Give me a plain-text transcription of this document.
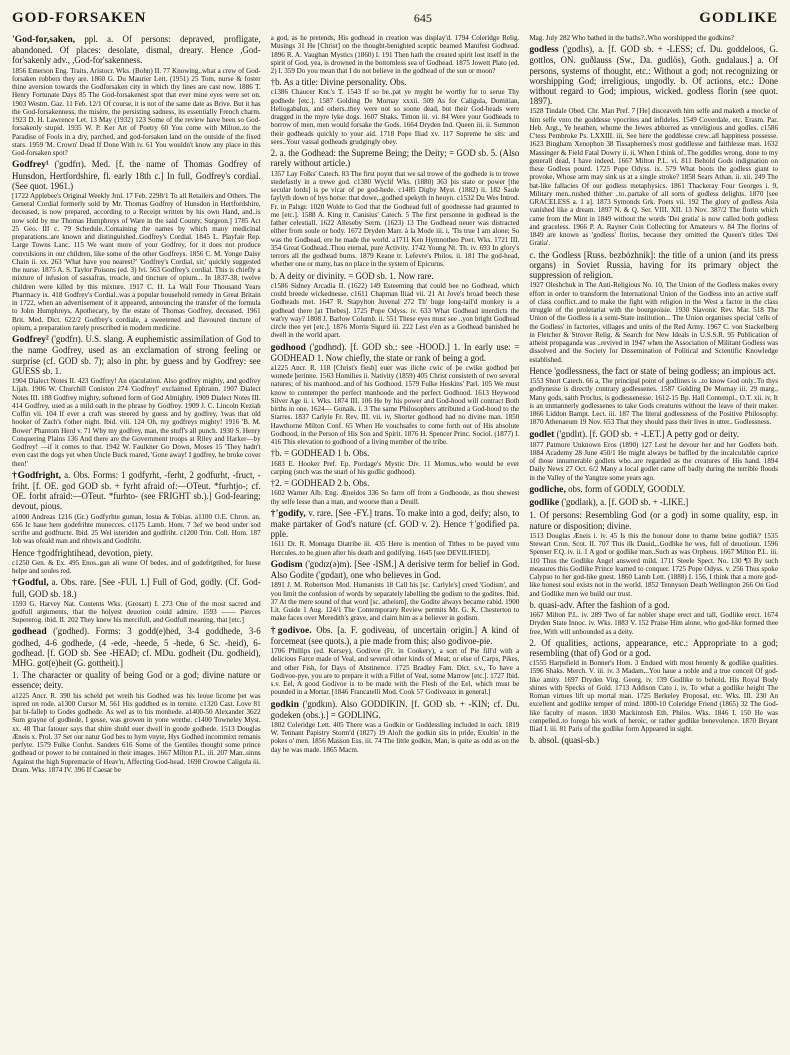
GOD-FORSAKEN	645	GODLIKE

'God-for,saken, ppl. a. Of persons: depraved, profligate, abandoned. Of places: desolate, dismal, dreary. Hence ,God-for'sakenly adv., ,God-for'sakenness.

1856 Emerson Eng. Traits, Aristocr. Wks. (Bohn) II. 77 Knowing..what a crew of God-forsaken robbers they are. 1860 G. Du Maurier Lett. (1951) 25 Tom, nurse & foster thine aversion towards the Godforsaken city in which thy lines are cast now. 1886 T. Henry Fortunate Days 85 The God-forsakenest spot that ever mine eyes were set on. 1903 Westm. Gaz. 11 Feb. 12/1 Of course, it is not of the same date as Brive. But it has the God-forsakenness, the misère, the persisting sadness, its essentially French charm. 1923 D. H. Lawrence Let. 13 May (1932) 123 Some of the review have been so God-forsakenly stupid. 1935 W. P. Ker Art of Poetry 60 You come with Milton..to the Paradise of Fools in a dry, parched, and god-forsaken land on the outside of the fixed stars. 1959 'M. Crown' Dead If Done With iv. 61 You wouldn't know any place in this God-forsaken spot?

Godfrey¹ ('gɒdfrɪ). Med. [f. the name of Thomas Godfrey of Hunsdon, Hertfordshire, fl. early 18th c.] In full, Godfrey's cordial. (See quot. 1961.)

[1722 Applebee's Original Weekly Jrnl. 17 Feb. 2298/1 To all Retailers and Others. The General Cordial formerly sold by Mr. Thomas Godfrey of Hunsdon in Hertfordshire, deceased, is now prepared, according to a Receipt written by his own Hand, and..is now sold by me Thomas Humphreys of Ware in the said County, Surgeon.] 1785 Act 25 Geo. III c. 79 Schedule..Containing the names by which many medicinal preparations..are known and distinguished..Godfrey's Cordial. 1845 L. Playfair Rep. Large Towns Lanc. 115 We want more of your Godfrey, for it does not produce convulsions in our children, like some of the other Godfreys. 1856 C. M. Yonge Daisy Chain ii. xx. 263 'What have you nearest?' 'Godfrey's Cordial, sir,' quickly suggested the nurse. 1875 A. S. Taylor Poisons (ed. 3) lvi. 563 Godfrey's cordial. This is chiefly a mixture of infusion of sassafras, treacle, and tincture of opium... In 1837-38, twelve children were killed by this mixture. 1917 C. H. La Wall Four Thousand Years Pharmacy ix. 418 Godfrey's Cordial..was a popular household remedy in Great Britain in 1722, when an advertisement of it appeared, announcing the transfer of the formula to John Humphreys, Apothecary, by the estate of Thomas Godfrey, deceased. 1961 Brit. Med. Dict. 622/2 Godfrey's cordiale, a sweetened and flavoured tincture of opium, a preparation rarely prescribed in modern medicine.

Godfrey² ('gɒdfrɪ). U.S. slang. A euphemistic assimilation of God to the name Godfrey, used as an exclamation of strong feeling or surprise (cf. GOD sb. 7); also in phr. by guess and by Godfrey: see GUESS sb. 1.

1904 Dialect Notes II. 423 Godfrey! An ejaculation. Also godfrey mighty, and godfrey Lijah. 1906 W. Churchill Coniston 274 'Godfrey!' exclaimed Ephraim. 1907 Dialect Notes III. 188 Godfrey mighty, softened form of God Almighty. 1909 Dialect Notes III. 414 Godfrey, used as a mild oath in the phrase by Godfrey. 1909 J. C. Lincoln Keziah Coffin vii. 104 If ever a craft was steered by guess and by godfrey, 'twas that old hooker of Zach's t'other night. Ibid. viii. 124 Oh, my godfreys mighty! 1916 'B. M. Bower' Phantom Herd v. 71 Why my godfrey, man, the stuff's all punch. 1930 S. Henry Conquering Plains 136 And there are the Government troops at Riley and Harker—by Godfrey! —if it comes to that. 1942 W. Faulkner Go Down, Moses 15 'They hadn't even cast the dogs yet when Uncle Buck roared, 'Gone away! I godfrey, he broke cover then!'

†Godfright, a. Obs. Forms: 1 godfyrht, -ferht, 2 godfurht, -fruct, -friht. [f. OE. god GOD sb. + fyrht afraid of:—OTeut. *furhtjo-; cf. OE. forht afraid:—OTeut. *furhto- (see FRIGHT sb.).] God-fearing; devout, pious.

a1000 Andreas 1216 (Gr.) Godfyrhte guman, Iosua & Tobias. a1100 O.E. Chron. an. 656 Ic haue here godefrihte munecces. c1175 Lamb. Hom. 7 3ef we beod under sod scrifte and godfructe. Ibid. 25 Wel isteriden and godfriht. c1200 Trin. Coll. Hom. 187 Iob was ofeald man and rihtwis and Godfriht.

Hence †godfrightihead, devotion, piety.

c1250 Gen. & Ex. 495 Enos..gan ali wune Of bedes, and of godefrigtihed, for Iuese helpe and soules red.

†Godful, a. Obs. rare. [See -FUL 1.] Full of God, godly. (Cf. God-full, GOD sb. 18.)

1593 G. Harvey Nat. Contents Wks. (Grosart) I. 273 One of the most sacred and godfull arguments, that the holyest deuotion could admire. 1593 —— Pierces Supererog. ibid. II. 202 They knew his mercifull, and Godfull meaning, that [etc.]

godhead ('gɒdhed). Forms: 3 godd(e)hed, 3-4 goddhede, 3-6 godhed, 4-6 godhede, (4 -ede, -heede, 5 -hede, 6 Sc. -heid), 6- godhead. [f. GOD sb. See -HEAD; cf. MDu. godheit (Du. godheid), MHG. got(e)heit (G. gottheit).]

1. The character or quality of being God or a god; divine nature or essence; deity.

a1225 Ancr. R. 390 his scheld pet wreih his Godhed was his leoue licome þet was ispred on rode. a1300 Cursor M. 561 His goddhed es in ternite. c1320 Cast. Love 81 þat bi-falleþ to Godes godhede. As wel as to his monhede. a1400-50 Alexander 3622 Sum grayne of godhede, I gesse, was growen in yone wrethe. c1400 Towneley Myst. xx. 48 That fatouer says that shire shuld euer dwell in goode godhede. 1513 Douglas Æneis x. Prol. 37 Set our natur God hes to hym vnyte, Hys Godhed incommixt remanis perfyte. 1579 Fulke Confut. Sanders 616 Some of the Gentiles thought some prince godhead or power to be contained in their images. 1667 Milton P.L. iii. 207 Man..sinns Against the high Supremacie of Heav'n, Affecting God-head. 1698 Crowne Caligula iii. Dram. Wks. 1874 IV. 396 If Caesar be

a god, as he pretends, His godhead in creation was display'd. 1794 Coleridge Relig. Musings 31 He [Christ] on the thought-benighted sceptic beamed Manifest Godhead. 1896 R. A. Vaughan Mystics (1860) I. 191 Then hath the created spirit lost itself in the spirit of God, yea, is drowned in the bottomless sea of Godhead. 1875 Jowett Plato (ed. 2) I. 359 Do you mean that I do not believe in the godhead of the sun or moon?

†b. As a title: Divine personality. Obs.

c1386 Chaucer Knt.'s T. 1543 If so be..pat ye myght be worthy for to serue Thy godhede [etc.]. 1587 Golding De Mornay xxxii. 509 As for Caligula, Domitian, Heliogabalus, and others..they were not so soone dead, but their God-heads were dragged in the myre lyke dogs. 1607 Shaks. Timon iii. vi. 84 Were your Godheads to borrow of men, men would forsake the Gods. 1664 Dryden Ind. Queen iii. ii. Summon their godheads quickly to your aid. 1718 Pope Iliad xv. 117 Supreme he sits: and sees..Your vassal godheads grudgingly obey.

2. a. the Godhead: the Supreme Being; the Deity; = GOD sb. 5. (Also rarely without article.)

1357 Lay Folks' Catech. 83 The first poynt that we sal trowe of the godhede is to trowe stedefastly in a trewe god. c1380 Wyclif Wks. (1880) 363 þis state or power [the secular lords] is pe vicar of pe god-hede. c1485 Digby Myst. (1882) ii. 182 Saule faylyth down of hys horse: that dowe,..godhed spekyth in heuyn. c1532 Du Wes Introd. Fr. in Palsgr. 1020 Wolde to God that the Godhead full of goodnesse had graunted to me [etc.]. 1588 A. King tr. Canisius' Catech. 5 The first personne in godhead is the father celestiall. 1622 Alleseby Serm. (1623) 13 The Godhead neuer was distracted either from soule or body. 1672 Dryden Marr. à la Mode iii. i, 'Tis true I am alone; So was the Godhead, ere he made the world. a1711 Ken Hymnotheo Poet. Wks. 1721 III. 354 Great Godhead..Thou eternal, pure Activity. 1742 Young Nt. Th. iv. 693 In glory's terrors all the godhead burns. 1879 Keane tr. Lefevre's Philos. ii. 181 The god-head, whether one or many, has no place in the system of Epicurus.

b. A deity or divinity. = GOD sb. 1. Now rare.

c1586 Sidney Arcadia II. (1622) 149 Esteeming that could bee no Godhead, which could breede wickednesse. c1611 Chapman Iliad vii. 21 At Jove's broad beech these Godheads met. 1647 R. Stapylton Juvenal 272 Th' huge long-tail'd monkey is a godhead there [at Thebes]. 1725 Pope Odyss. iv. 633 What Godhead interdicts the wat'ry way? 1808 J. Barlow Columb. ii. 551 These eyes must see ..yon bright Godhead circle thee yet [etc.]. 1876 Morris Sigurd iii. 222 Lest e'en as a Godhead banished he dwell in the world apart.

godhood ('gɒdhʊd). [f. GOD sb.: see -HOOD.] 1. In early use: = GODHEAD 1. Now chiefly, the state or rank of being a god.

a1225 Ancr. R. 118 [Christ's flesh] euer was iliche cwic of þe cwike godhod þet wunede þerinne. 1563 Homilies ii. Nativity (1859) 405 Christ consisteth of two several natures; of his manhood..and of his Godhood. 1579 Fulke Heskins' Parl. 105 We must know to contemper the perfect manhoode and the perfect Godhood. 1613 Heywood Silver Age ii. i. Wks. 1874 III. 106 He by his power and God-hood will contract Both births in one. 1624— Gunaik. i. 3 The same Philosophers attributed a God-hood to the Starres. 1837 Carlyle Fr. Rev. III. vii. iv, Shorter godhood had no divine man. 1850 Hawthorne Milton Conf. 65 When He vouchsafes to come forth out of His absolute Godhood, in the Person of His Son and Spirit. 1876 H. Spencer Princ. Sociol. (1877) I. 416 This elevation to godhood of a living member of the tribe.

†b. = GODHEAD 1 b. Obs.

1683 E. Hooker Pref. Ep. Pordage's Mystic Div. 11 Momus..who would be ever carping (such was the snarl of his godlic godhood).

†2. = GODHEAD 2 b. Obs.

1602 Warner Alb. Eng. Æneidos 336 So farre off from a Godhoode, as thou shewest thy selfe lesse than a man, and woorse than a Deuill.

†'godify, v. rare. [See -FY.] trans. To make into a god, deify; also, to make partaker of God's nature (cf. GOD v. 2). Hence †'godified pa. pple.

1611 Dr. R. Montagu Diatribe iii. 435 Here is mention of Tithes to be payed vnto Hercules..to be giuen after his death and godifying. 1645 [see DEVILIFIED].

Godism ('gɒdɪz(ə)m). [See -ISM.] A derisive term for belief in God. Also Godite ('gɒdaɪt), one who believes in God.

1891 J. M. Robertson Mod. Humanists 18 Call his [sc. Carlyle's] creed 'Godism', and you limit the confusion of words by separately labelling the godism to the godites. Ibid. 37 At the mere sound of that word [sc. atheism], the Godite always became rabid. 1900 Lit. Guide 1 Aug. 124/1 The Contemporary Review permits Mr. G. K. Chesterton to make faces over Meredith's grave, and claim him as a believer in godism.

†godivoe. Obs. [a. F. godiveau, of uncertain origin.] A kind of forcemeat (see quots.), a pie made from this; also godivoe-pie.

1706 Phillips (ed. Kersey), Godivoe (Fr. in Cookery), a sort of Pie fill'd with a delicious Farce made of Veal, and several other kinds of Meat; or else of Carps, Pikes, and other Fish, for Days of Abstinence. 1725 Bradley Fam. Dict. s.v., To have a Godivoe-pye, you are to prepare it with a Fillet of Veal, some Marrow [etc.]. 1727 Ibid. s.v. Eel, A good Godivoe is to be made with the Flesh of the Eel, which must be pounded in a Mortar. [1846 Francatelli Mod. Cook 57 Godiveaux in general.]

godkin ('gɒdkɪn). Also GODDIKIN. [f. GOD sb. + -KIN; cf. Du. godeken (obs.).] = GODLING.

1802 Coleridge Lett. 405 There was a Godkin or Goddessling included in each. 1819 W. Tennant Papistry Storm'd (1827) 19 Aloft the godkin sits in pride, Exultin' in the pokes o' men. 1856 Masson Ess. iii. 74 The little godkin, Man, is quite as odd as on the day he was made. 1865 Macm.

Mag. July 282 Who bathed in the baths?..Who worshipped the godkins?

godless ('gɒdlɪs), a. [f. GOD sb. + -LESS; cf. Du. goddeloos, G. gottlos, ON. guðlauss (Sw., Da. gudlös), Goth. gudalaus.] a. Of persons, systems of thought, etc.: Without a god; not recognizing or worshipping God; irreligious, ungodly. b. Of actions, etc.: Done without regard to God; impious, wicked. godless florin (see quot. 1897).

1528 Tindale Obed. Chr. Man Pref. 7 [He] disceaveth him selfe and maketh a mocke of him selfe vnto the goddesse vpocrites and infideles. 1549 Coverdale, etc. Erasm. Par. Heb. Argt., Ye heathen, whome the Jewes abhorred as vnreligious and godles. c1586 C'tess Pembroke Ps. LXXIII. iii, See here the goddlesse crew..all happiness possesse. 1623 Bingham Xenophon 38 Tissaphernes's most goddlesse and faithlesse man. 1632 Massinger & Field Fatal Dowry ii. ii, When I think of..The goddles wrong, done to my generall dead, I have indeed. 1667 Milton P.L. vi. 811 Behold Gods indignation on these Godless pourd. 1725 Pope Odyss. ix. 579 What boots the godless giant to provoke, Whose arm may sink us at a single stroke? 1858 Sears Athan. ii. xii. 249 The bat-like fallacies Of our godless metaphysics. 1861 Thackeray Four Georges i. 9, Military men..rushed thither ..to..partake of all sorts of godless delights. 1870 [see GRACELESS a. 1 a]. 1873 Symonds Grk. Poets vii. 192 The glory of godless Asia vanished like a dream. 1897 N. & Q. Ser. VIII. XII. 13 Nov. 387/2 The florin which came from the Mint in 1849 without the words 'Dei gratia' is now called both godless and graceless. 1966 P. A. Rayner Coin Collecting for Amateurs v. 84 The florins of 1849 are known as 'godless' florins, because they omitted the Queen's titles 'Dei Gratia'.

c. the Godless [Russ. bezbózhnik]: the title of a union (and its press organs) in Soviet Russia, having for its primary object the suppression of religion.

1927 Oleshchuk in The Anti-Religious No. 10, The Union of the Godless makes every effort in order to transform the International Union of the Godless into an active staff of class conflict..and to make the fight with religion in the West a factor in the class struggle of the proletariat with the bourgeoisie. 1930 Slavonic Rev. Mar. 518 The Union of the Godless is a semi-State institution... The Union organises special 'cells of the Godless' in factories, villages and units of the Red Army. 1967 C. von Stackelberg in Fletcher & Strover Relig. & Search for New Ideals in U.S.S.R. 95 Publication of atheist propaganda was ..revived in 1947 when the Association of Militant Godless was dissolved and the Society for Dissemination of Political and Scientific Knowledge established.

Hence 'godlessness, the fact or state of being godless; an impious act.

1553 Short Catech. 66 a, The principal point of godlines is ..to know God only..To thys godlynesse is directly contrary godlessenes. 1587 Golding De Mornay iii. 29 marg., Many gods, saith Proclus, is godlessenesse. 1612-15 Bp. Hall Contempl., O.T. xii. iv, It is an unmannerly godlessenes to take Gods creatures without the leave of their maker. 1866 Liddon Bampt. Lect. iii. 187 The literal godlessness of the Positive Philosophy. 1870 Athenaeum 19 Nov. 653 That they should pass their lives in utter.. Godlessness.

godlet ('gɒdlɪt). [f. GOD sb. + -LET.] A petty god or deity.

1877 Patmore Unknown Eros (1890) 127 Lest he devour her and her Godlets both. 1884 Academy 28 June 450/1 He might always be baffled by the incalculable caprice of those innumerable godlets who..are regarded as the creatures of His hand. 1894 Daily News 27 Oct. 6/2 Many a local godlet came off badly during the terrible floods in the Valley of the Yangtze some years ago.

godliche, obs. form of GODLY, GOODLY.

godlike ('gɒdlaɪk), a. [f. GOD sb. + -LIKE.]

1. Of persons: Resembling God (or a god) in some quality, esp. in nature or disposition; divine.

1513 Douglas Æneis i. iv. 45 Is this the honour done to thame beine godlik? 1535 Stewart Cron. Scot. II. 707 This ilk Dauid,..Godlike he wes, full of deuotioun. 1596 Spenser F.Q. iv. ii. 1 A god or godlike man..Such as was Orpheus. 1667 Milton P.L. iii. 110 Thus the Godlike Angel answerd mild. 1711 Steele Spect. No. 130 ¶3 By such measures this Godlike Prince learned to conquer. 1725 Pope Odyss. v. 256 Thus spoke Calypso to her god-like guest. 1860 Lamb Lett. (1888) I. 156, I think that a more god-like honest soul exists not in the world. 1852 Tennyson Death Wellington 266 On God and Godlike men we build our trust.

b. quasi-adv. After the fashion of a god.

1667 Milton P.L. iv. 289 Two of far nobler shape erect and tall, Godlike erect. 1674 Dryden State Innoc. iv. Wks. 1883 V. 152 Praise Him alone, who god-like formed thee free, With will unbounded as a deity.

2. Of qualities, actions, appearance, etc.: Appropriate to a god; resembling (that of) God or a god.

c1555 Harpsfield in Bonner's Hom. 3 Endued with most heuenly & godlike qualities. 1596 Shaks. Merch. V. iii. iv. 3 Madam,..You haue a noble and a true conceit Of god-like amity. 1697 Dryden Virg. Georg. iv. 139 Godlike to behold, His Royal Body shines with Specks of Gold. 1713 Addison Cato i. iv, To what a godlike height The Roman virtues lift up mortal man. 1725 Berkeley Proposal, etc. Wks. III. 230 An excellent and godlike temper of mind. 1800-10 Coleridge Friend (1865) 32 The God-like faculty of reason. 1830 Mackintosh Eth. Philos. Wks. 1846 I. 150 He was compelled..to forego his work of heroic, or rather godlike benevolence. 1870 Bryant Iliad I. iii. 81 Paris of the godlike form Appeared in sight.

b. absol. (quasi-sb.)
